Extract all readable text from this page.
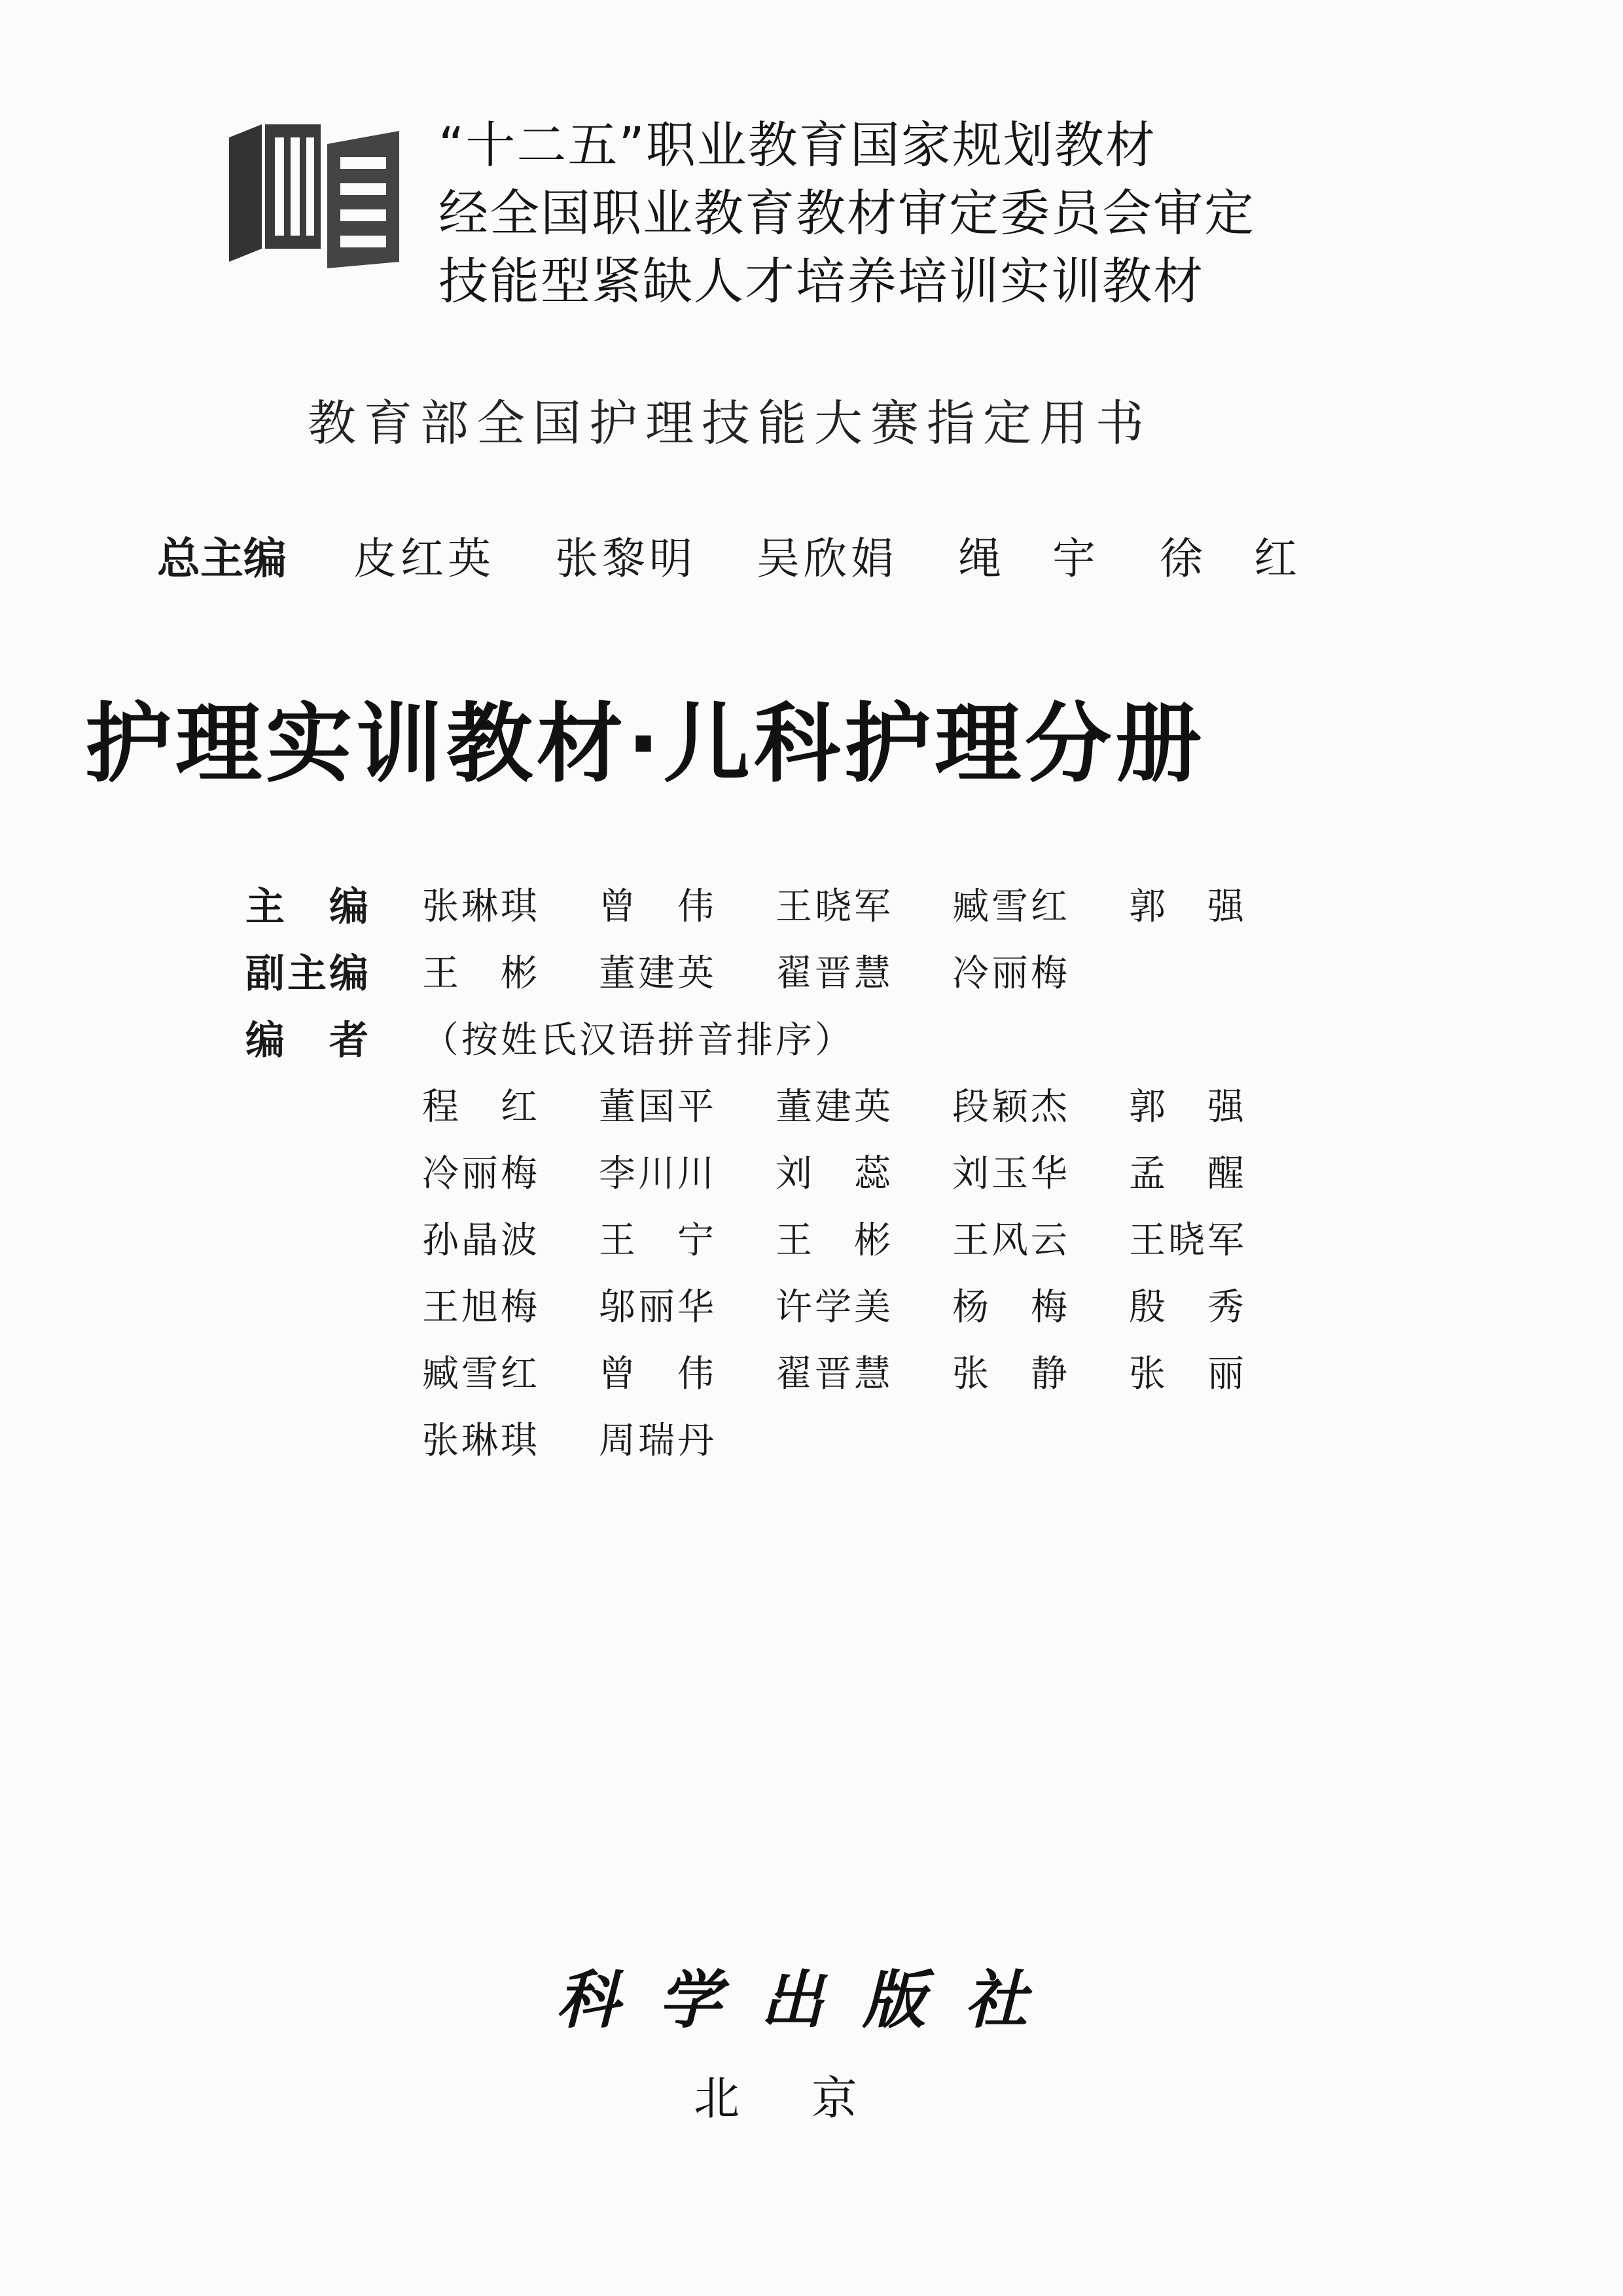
“十二五”职业教育国家规划教材
经全国职业教育教材审定委员会审定
技能型紧缺人才培养培训实训教材
教育部全国护理技能大赛指定用书
总主编	皮红英 张黎明 吴欣娟 绳　宇 徐　红
护理实训教材·儿科护理分册
主　编	张琳琪	曾　伟	王晓军	臧雪红	郭　强
副主编	王　彬	董建英	翟晋慧	冷丽梅
编　者	（按姓氏汉语拼音排序）
程　红	董国平	董建英	段颖杰	郭　强
冷丽梅	李川川	刘　蕊	刘玉华	孟　醒
孙晶波	王　宁	王　彬	王风云	王晓军
王旭梅	邬丽华	许学美	杨　梅	殷　秀
臧雪红	曾　伟	翟晋慧	张　静	张　丽
张琳琪	周瑞丹
科学出版社
北京
